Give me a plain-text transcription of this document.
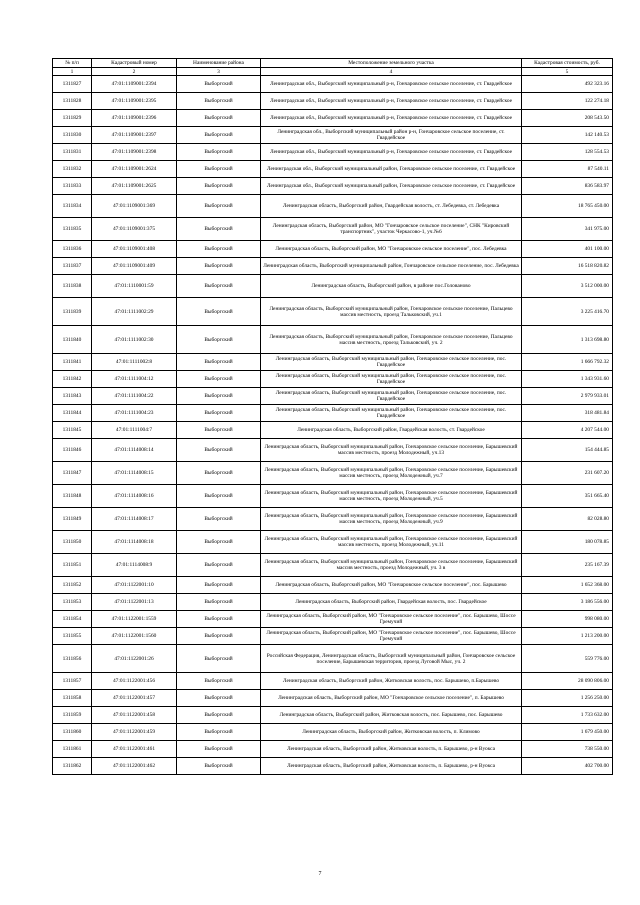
№ п/п	Кадастровый номер	Наименование района	Местоположение земельного участка	Кадастровая стоимость, руб.
1	2	3	4	5
1311827	47:01:1109001:2394	Выборгский	Ленинградская обл., Выборгский муниципальный р-н, Гончаровское сельское поселение, ст. Гвардейское	492 323.16
1311828	47:01:1109001:2395	Выборгский	Ленинградская обл., Выборгский муниципальный р-н, Гончаровское сельское поселение, ст. Гвардейское	122 274.18
1311829	47:01:1109001:2396	Выборгский	Ленинградская обл., Выборгский муниципальный р-н, Гончаровское сельское поселение, ст. Гвардейское	208 543.50
1311830	47:01:1109001:2397	Выборгский	Ленинградская обл., Выборгский муниципальный район р-н, Гончаровское сельское поселение, ст. Гвардейское	142 140.53
1311831	47:01:1109001:2398	Выборгский	Ленинградская обл., Выборгский муниципальный р-н, Гончаровское сельское поселение, ст. Гвардейское	128 554.53
1311832	47:01:1109001:2624	Выборгский	Ленинградская обл., Выборгский муниципальный район, Гончаровское сельское поселение, ст. Гвардейское	87 540.11
1311833	47:01:1109001:2625	Выборгский	Ленинградская обл., Выборгский муниципальный район, Гончаровское сельское поселение, ст. Гвардейское	836 583.97
1311834	47:01:1109001:369	Выборгский	Ленинградская область, Выборгский район, Гвардейская волость, ст. Лебедевка, ст. Лебедевка	18 765 450.00
1311835	47:01:1109001:375	Выборгский	Ленинградская область, Выборгский район, МО "Гончаровское сельское поселение", СНК "Кировский транспортник", участок Черкасово-1, уч.№6	341 975.00
1311836	47:01:1109001:408	Выборгский	Ленинградская область, Выборгский район, МО "Гончаровское сельское поселение", пос. Лебедевка	401 100.00
1311837	47:01:1109001:409	Выборгский	Ленинградская область, Выборгский муниципальный район, Гончаровское сельское поселение, пос. Лебедевка	16 518 820.82
1311838	47:01:1110001:59	Выборгский	Ленинградская область, Выборгский район, в районе пос.Голованово	3 512 000.00
1311839	47:01:1111002:29	Выборгский	Ленинградская область, Выборгский муниципальный район, Гончаровское сельское поселение, Пальцево массив местность, проезд Тальковский, уч.1	3 225 416.70
1311840	47:01:1111002:30	Выборгский	Ленинградская область, Выборгский муниципальный район, Гончаровское сельское поселение, Пальцево массив местность, проезд Тальковский, уч. 2	1 313 698.80
1311841	47:01:1111002:8	Выборгский	Ленинградская область, Выборгский муниципальный район, Гончаровское сельское поселение, пос. Гвардейское	1 666 792.32
1311842	47:01:1111004:12	Выборгский	Ленинградская область, Выборгский муниципальный район, Гончаровское сельское поселение, пос. Гвардейское	1 343 931.60
1311843	47:01:1111004:22	Выборгский	Ленинградская область, Выборгский муниципальный район, Гончаровское сельское поселение, пос. Гвардейское	2 979 933.01
1311844	47:01:1111004:23	Выборгский	Ленинградская область, Выборгский муниципальный район, Гончаровское сельское поселение, пос. Гвардейское	318 481.84
1311845	47:01:1111004:7	Выборгский	Ленинградская область, Выборгский район, Гвардейская волость, ст. Гвардейское	4 207 544.00
1311846	47:01:1114008:14	Выборгский	Ленинградская область, Выборгский муниципальный район, Гончаровское сельское поселение, Барышевский массив местность, проезд Молодежный, уч.13	154 444.85
1311847	47:01:1114008:15	Выборгский	Ленинградская область, Выборгский муниципальный район, Гончаровское сельское поселение, Барышевский массив местность, проезд Молодежный, уч.7	231 607.20
1311848	47:01:1114008:16	Выборгский	Ленинградская область, Выборгский муниципальный район, Гончаровское сельское поселение, Барышевский массив местность, проезд Молодежный, уч.5	351 665.40
1311849	47:01:1114008:17	Выборгский	Ленинградская область, Выборгский муниципальный район, Гончаровское сельское поселение, Барышевский массив местность, проезд Молодежный, уч.9	82 028.80
1311850	47:01:1114008:18	Выборгский	Ленинградская область, Выборгский муниципальный район, Гончаровское сельское поселение, Барышевский массив местность, проезд Молодежный, уч.11	180 078.85
1311851	47:01:1114008:9	Выборгский	Ленинградская область, Выборгский муниципальный район, Гончаровское сельское поселение, Барышевский массив местность, проезд Молодежный, уч. 3 в	235 167.39
1311852	47:01:1122001:10	Выборгский	Ленинградская область, Выборгский район, МО "Гончаровское сельское поселение", пос. Барышево	1 652 368.00
1311853	47:01:1122001:13	Выборгский	Ленинградская область, Выборгский район, Гвардейская волость, пос. Гвардейское	3 186 556.00
1311854	47:01:1122001:1559	Выборгский	Ленинградская область, Выборгский район, МО "Гончаровское сельское поселение", пос. Барышево, Шоссе Гремучий	998 080.00
1311855	47:01:1122001:1560	Выборгский	Ленинградская область, Выборгский район, МО "Гончаровское сельское поселение", пос. Барышево, Шоссе Гремучий	1 213 200.00
1311856	47:01:1122001:26	Выборгский	Российская Федерация, Ленинградская область, Выборгский муниципальный район, Гончаровское сельское поселение, Барышевская территория, проезд Луговой Мыс, уч. 2	559 776.00
1311857	47:01:1122001:456	Выборгский	Ленинградская область, Выборгский район, Житковская волость, пос. Барышево, п.Барышево	28 090 806.00
1311858	47:01:1122001:457	Выборгский	Ленинградская область, Выборгский район, МО "Гончаровское сельское поселение", п. Барышево	1 256 250.00
1311859	47:01:1122001:458	Выборгский	Ленинградская область, Выборгский район, Житковская волость, пос. Барышево, пос. Барышево	1 733 632.00
1311860	47:01:1122001:459	Выборгский	Ленинградская область, Выборгский район, Житковская волость, п. Климово	1 679 450.00
1311861	47:01:1122001:461	Выборгский	Ленинградская область, Выборгский район, Житковская волость, п. Барышево, р-н Вуокса	738 550.00
1311862	47:01:1122001:462	Выборгский	Ленинградская область, Выборгский район, Житковская волость, п. Барышево, р-н Вуокса	402 700.00
7
